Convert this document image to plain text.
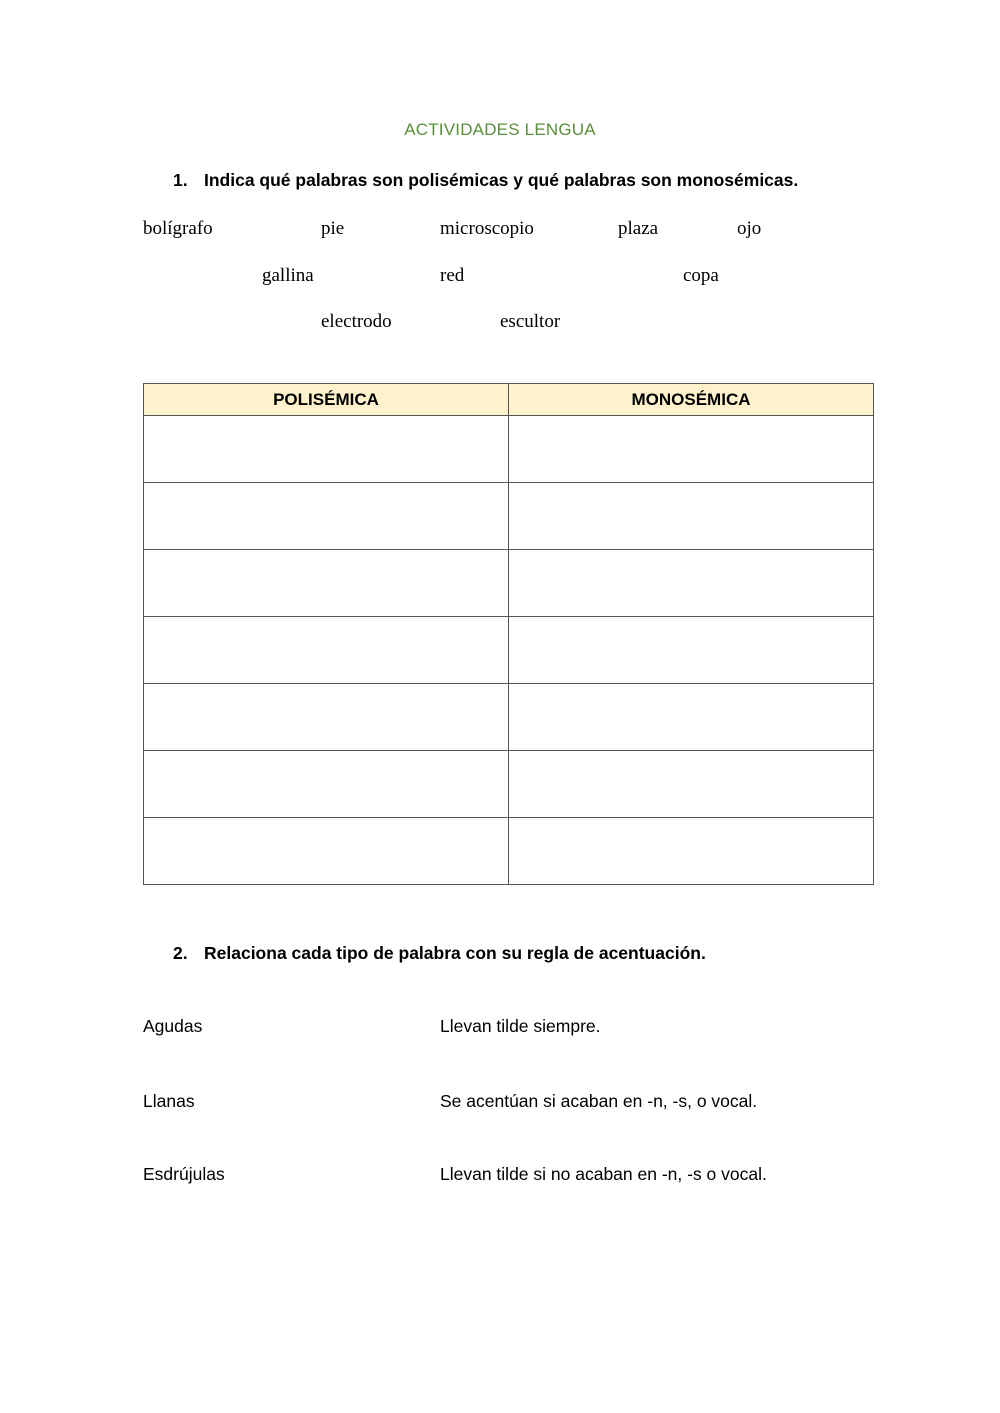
ACTIVIDADES LENGUA
1. Indica qué palabras son polisémicas y qué palabras son monosémicas.
bolígrafo	pie	microscopio	plaza	ojo
gallina	red	copa
electrodo	escultor
POLISÉMICA	MONOSÉMICA

2. Relaciona cada tipo de palabra con su regla de acentuación.
Agudas	Llevan tilde siempre.
Llanas	Se acentúan si acaban en -n, -s, o vocal.
Esdrújulas	Llevan tilde si no acaban en -n, -s o vocal.
